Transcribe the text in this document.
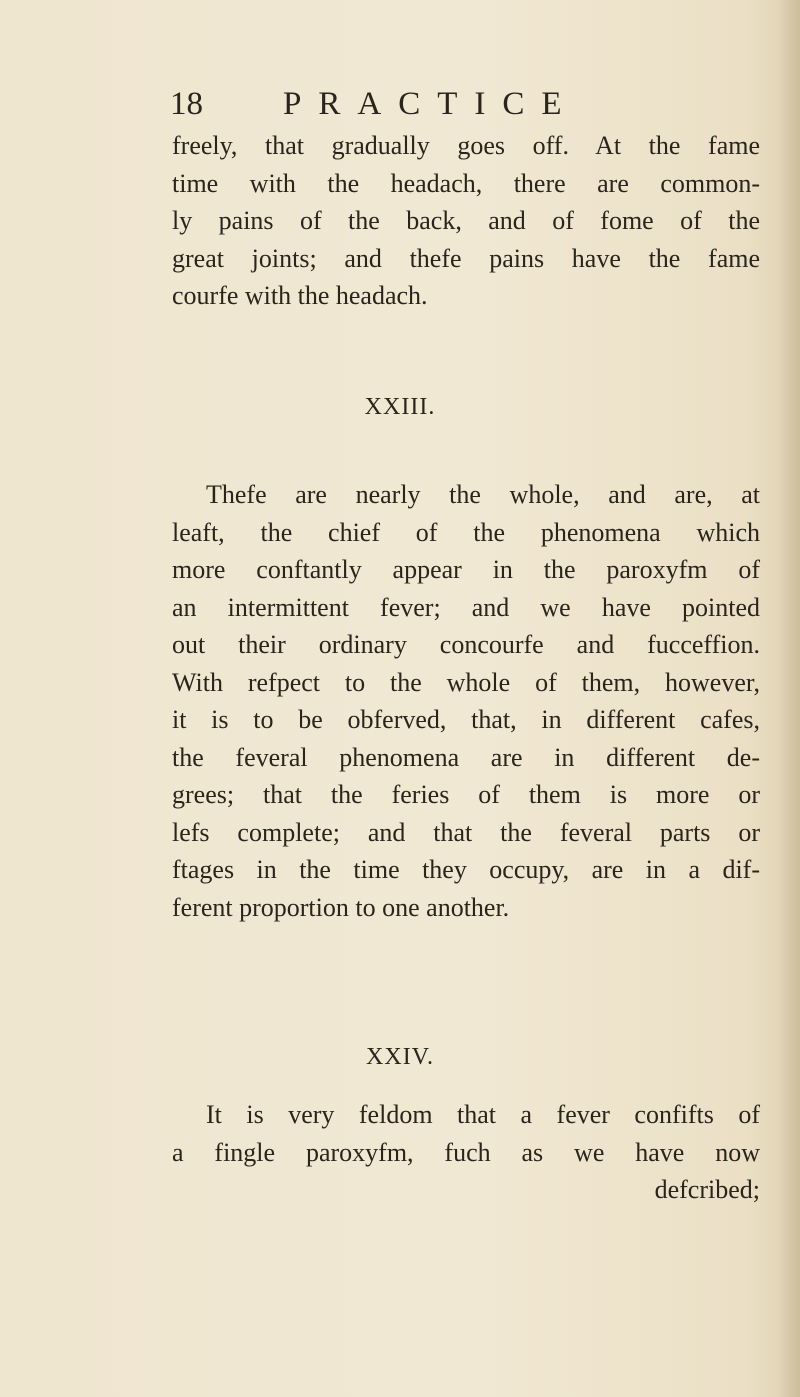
18 PRACTICE
freely, that gradually goes off. At the fame
time with the headach, there are common-
ly pains of the back, and of fome of the
great joints; and thefe pains have the fame
courfe with the headach.
XXIII.
Thefe are nearly the whole, and are, at
leaft, the chief of the phenomena which
more conftantly appear in the paroxyfm of
an intermittent fever; and we have pointed
out their ordinary concourfe and fucceffion.
With refpect to the whole of them, however,
it is to be obferved, that, in different cafes,
the feveral phenomena are in different de-
grees; that the feries of them is more or
lefs complete; and that the feveral parts or
ftages in the time they occupy, are in a dif-
ferent proportion to one another.
XXIV.
It is very feldom that a fever confifts of
a fingle paroxyfm, fuch as we have now
defcribed;
